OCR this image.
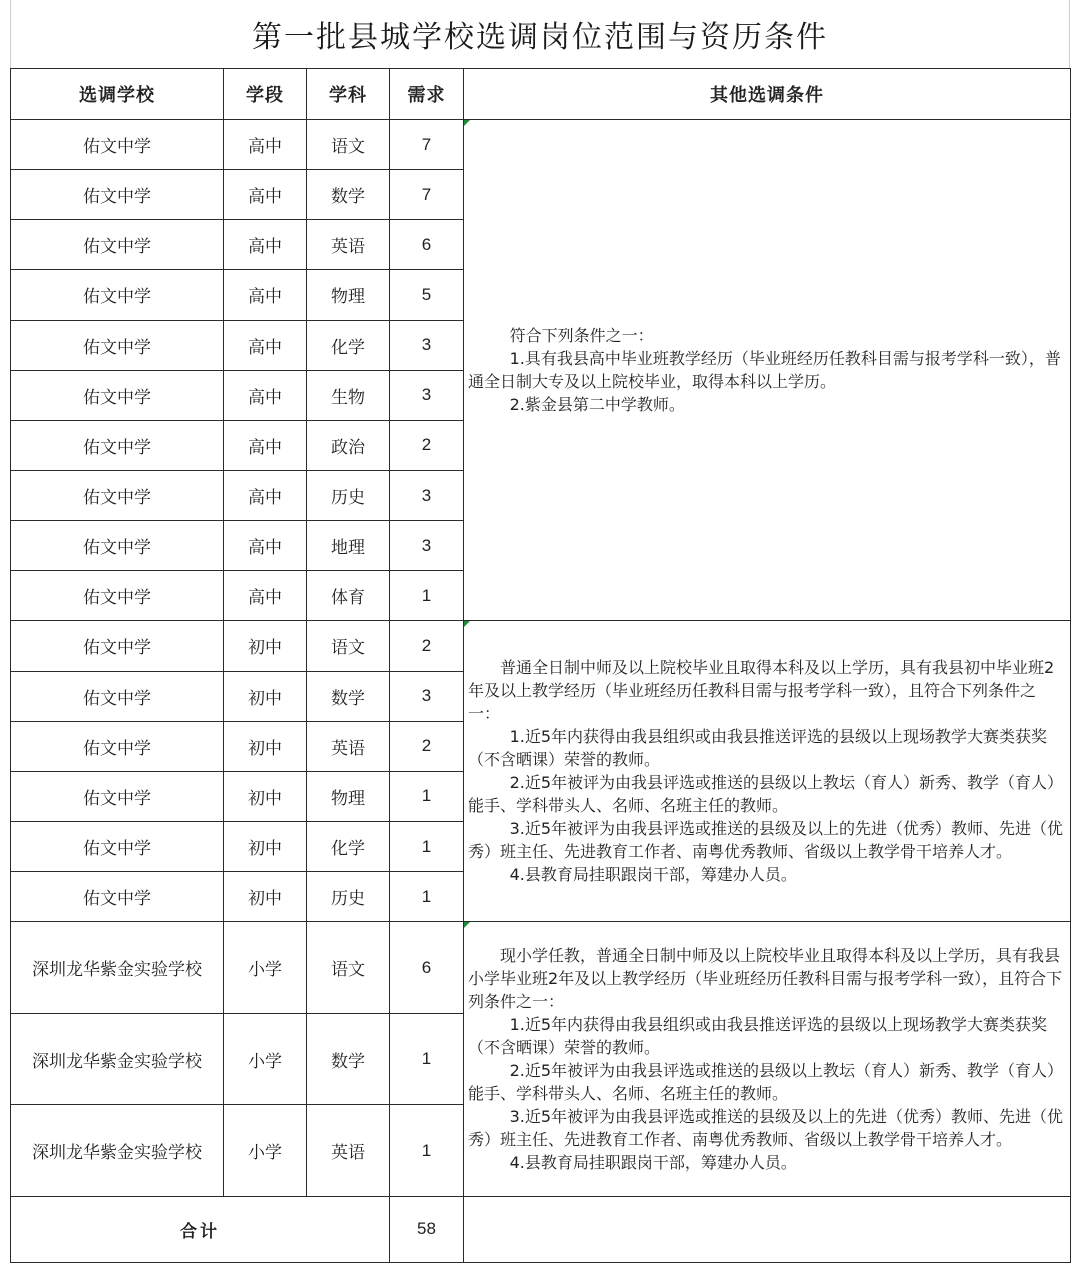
第一批县城学校选调岗位范围与资历条件
选调学校	学段	学科	需求	其他选调条件
佑文中学	高中	语文	7	符合下列条件之一：
1.具有我县高中毕业班教学经历（毕业班经历任教科目需与报考学科一致），普通全日制大专及以上院校毕业，取得本科以上学历。
2.紫金县第二中学教师。

佑文中学	高中	数学	7	
佑文中学	高中	英语	6	
佑文中学	高中	物理	5	
佑文中学	高中	化学	3	
佑文中学	高中	生物	3	
佑文中学	高中	政治	2	
佑文中学	高中	历史	3	
佑文中学	高中	地理	3	
佑文中学	高中	体育	1	
佑文中学	初中	语文	2	普通全日制中师及以上院校毕业且取得本科及以上学历，具有我县初中毕业班2年及以上教学经历（毕业班经历任教科目需与报考学科一致），且符合下列条件之一：
1.近5年内获得由我县组织或由我县推送评选的县级以上现场教学大赛类获奖（不含晒课）荣誉的教师。
2.近5年被评为由我县评选或推送的县级以上教坛（育人）新秀、教学（育人）能手、学科带头人、名师、名班主任的教师。
3.近5年被评为由我县评选或推送的县级及以上的先进（优秀）教师、先进（优秀）班主任、先进教育工作者、南粤优秀教师、省级以上教学骨干培养人才。
4.县教育局挂职跟岗干部，筹建办人员。

佑文中学	初中	数学	3	
佑文中学	初中	英语	2	
佑文中学	初中	物理	1	
佑文中学	初中	化学	1	
佑文中学	初中	历史	1	
深圳龙华紫金实验学校	小学	语文	6	现小学任教，普通全日制中师及以上院校毕业且取得本科及以上学历，具有我县小学毕业班2年及以上教学经历（毕业班经历任教科目需与报考学科一致），且符合下列条件之一：
1.近5年内获得由我县组织或由我县推送评选的县级以上现场教学大赛类获奖（不含晒课）荣誉的教师。
2.近5年被评为由我县评选或推送的县级以上教坛（育人）新秀、教学（育人）能手、学科带头人、名师、名班主任的教师。
3.近5年被评为由我县评选或推送的县级及以上的先进（优秀）教师、先进（优秀）班主任、先进教育工作者、南粤优秀教师、省级以上教学骨干培养人才。
4.县教育局挂职跟岗干部，筹建办人员。

深圳龙华紫金实验学校	小学	数学	1	
深圳龙华紫金实验学校	小学	英语	1	
合计			58	
